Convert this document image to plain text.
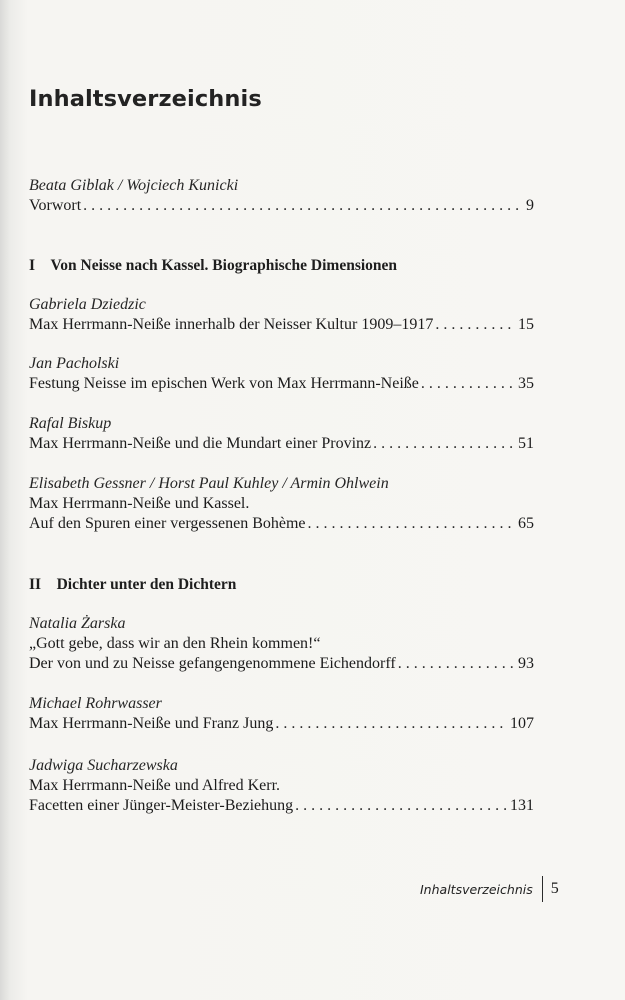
Inhaltsverzeichnis
Beata Giblak / Wojciech Kunicki
Vorwort . . .	9
I Von Neisse nach Kassel. Biographische Dimensionen
Gabriela Dziedzic
Max Herrmann-Neiße innerhalb der Neisser Kultur 1909–1917 . . .	15
Jan Pacholski
Festung Neisse im epischen Werk von Max Herrmann-Neiße . . .	35
Rafal Biskup
Max Herrmann-Neiße und die Mundart einer Provinz . . .	51
Elisabeth Gessner / Horst Paul Kuhley / Armin Ohlwein
Max Herrmann-Neiße und Kassel.
Auf den Spuren einer vergessenen Bohème . . .	65
II Dichter unter den Dichtern
Natalia Żarska
„Gott gebe, dass wir an den Rhein kommen!“
Der von und zu Neisse gefangengenommene Eichendorff . . .	93
Michael Rohrwasser
Max Herrmann-Neiße und Franz Jung . . .	107
Jadwiga Sucharzewska
Max Herrmann-Neiße und Alfred Kerr.
Facetten einer Jünger-Meister-Beziehung . . .	131
Inhaltsverzeichnis 5
